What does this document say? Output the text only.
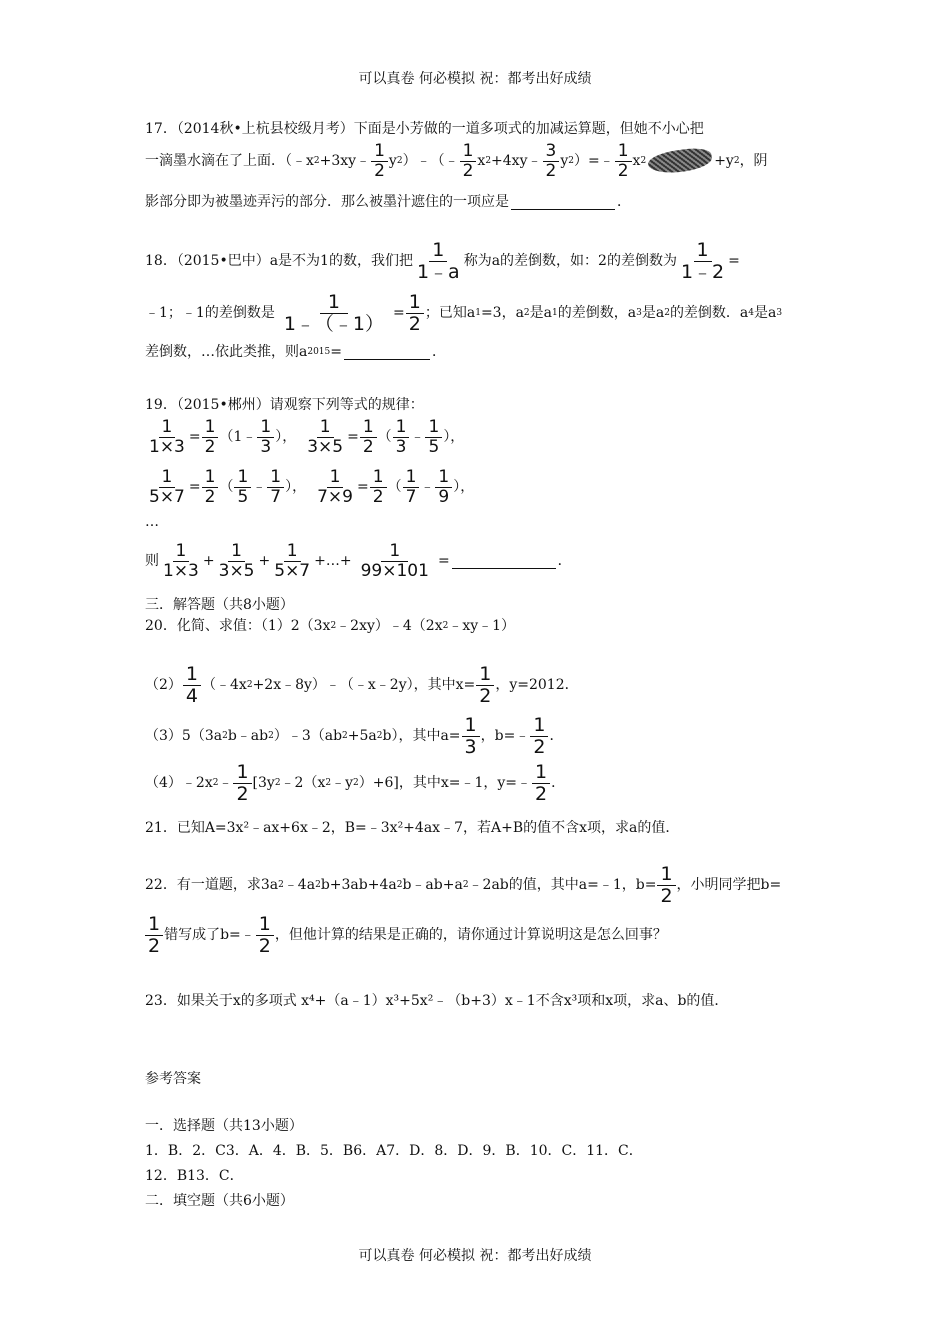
可以真卷 何必模拟 祝：都考出好成绩
17．（2014秋•上杭县校级月考）下面是小芳做的一道多项式的加减运算题，但她不小心把
一滴墨水滴在了上面．（﹣x 2 +3xy﹣ $\frac{1}{2}$ y 2 ）﹣（﹣ $\frac{1}{2}$ x 2 +4xy﹣ $\frac{3}{2}$ y 2 ）=﹣ $\frac{1}{2}$ x 2	+y 2 ，阴
影部分即为被墨迹弄污的部分．那么被墨汁遮住的一项应是	．
18．（2015•巴中）a是不为1的数，我们把 $\frac{1}{1﹣a}$ 称为a的差倒数，如：2的差倒数为 $\frac{1}{1﹣2}$ =
﹣1；﹣1的差倒数是 $\frac{1}{1﹣(﹣1)} = \frac{1}{2}$ ；已知a 1 =3，a 2 是a 1 的差倒数，a 3 是a 2 的差倒数．a 4 是a 3
差倒数，…依此类推，则a 2015 =	．
19．（2015•郴州）请观察下列等式的规律：
$\frac{1}{1\times 3} = \frac{1}{2}$ （ 1 ﹣ $\frac{1}{3}$ ）， $\frac{1}{3\times 5} = \frac{1}{2}$ （ $\frac{1}{3}$ ﹣ $\frac{1}{5}$ ），
$\frac{1}{5\times 7} = \frac{1}{2}$ （ $\frac{1}{5}$ ﹣ $\frac{1}{7}$ ）， $\frac{1}{7\times 9} = \frac{1}{2}$ （ $\frac{1}{7}$ ﹣ $\frac{1}{9}$ ），
…
则 $\frac{1}{1\times 3} + \frac{1}{3\times 5} + \frac{1}{5\times 7}$ +…+ $\frac{1}{99\times 101}$ =	．
三．解答题（共8小题）
20．化简、求值：（1）2（3x 2 ﹣2xy）﹣4（2x 2 ﹣xy﹣1）
$(2) \frac{1}{4}$ （﹣4x 2 +2x﹣8y）﹣（﹣x﹣2y），其中$x= \frac{1}{2}$ ，y=2012．
（3）5（3a 2 b﹣ab 2 ）﹣3（ab 2 +5a 2 b），其中$a= \frac{1}{3}$ ，b=﹣ $\frac{1}{2}$ ．
（4）﹣2x 2 ﹣ $\frac{1}{2} [3y$ 2 ﹣2（x 2 ﹣y 2 ）+6]，其中x=﹣1，y=﹣ $\frac{1}{2}$ ．
21．已知A=3x²﹣ax+6x﹣2，B=﹣3x²+4ax﹣7，若A+B的值不含x项，求a的值．
22．有一道题，求3a 2 ﹣4a 2 b+3ab+4a 2 b﹣ab+a 2 ﹣2ab的值，其中a=﹣1，$b= \frac{1}{2}$ ，小明同学把b=
$\frac{1}{2}$ 错写成了b=﹣ $\frac{1}{2}$ ，但他计算的结果是正确的，请你通过计算说明这是怎么回事？
23．如果关于x的多项式 x⁴+（a﹣1）x³+5x²﹣（b+3）x﹣1不含x³项和x项，求a、b的值．
参考答案
一．选择题（共13小题）
1．B．2．C3．A．4．B．5．B6．A7．D．8．D．9．B．10．C．11．C．
12．B13．C．
二．填空题（共6小题）
可以真卷 何必模拟 祝：都考出好成绩
